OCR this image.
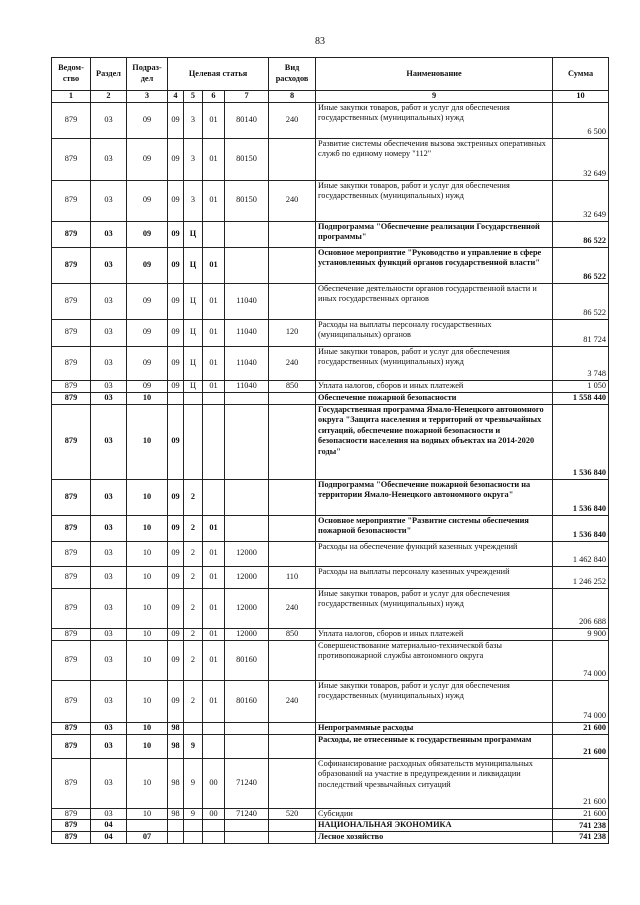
83
Ведом-ство	Раздел	Подраз-дел	Целевая статья				Вид расходов	Наименование	Сумма
1	2	3	4	5	6	7	8	9	10
879	03	09	09	3	01	80140	240	Иные закупки товаров, работ и услуг для обеспечения государственных (муниципальных) нужд	6 500
879	03	09	09	3	01	80150		Развитие системы обеспечения вызова экстренных оперативных служб по единому номеру "112"	32 649
879	03	09	09	3	01	80150	240	Иные закупки товаров, работ и услуг для обеспечения государственных (муниципальных) нужд	32 649
879	03	09	09	Ц				Подпрограмма "Обеспечение реализации Государственной программы"	86 522
879	03	09	09	Ц	01			Основное мероприятие "Руководство и управление в сфере установленных функций органов государственной власти"	86 522
879	03	09	09	Ц	01	11040		Обеспечение деятельности органов государственной власти и иных государственных органов	86 522
879	03	09	09	Ц	01	11040	120	Расходы на выплаты персоналу государственных (муниципальных) органов	81 724
879	03	09	09	Ц	01	11040	240	Иные закупки товаров, работ и услуг для обеспечения государственных (муниципальных) нужд	3 748
879	03	09	09	Ц	01	11040	850	Уплата налогов, сборов и иных платежей	1 050
879	03	10						Обеспечение пожарной безопасности	1 558 440
879	03	10	09					Государственная программа Ямало-Ненецкого автономного округа "Защита населения и территорий от чрезвычайных ситуаций, обеспечение пожарной безопасности и безопасности населения на водных объектах на 2014-2020 годы"	1 536 840
879	03	10	09	2				Подпрограмма "Обеспечение пожарной безопасности на территории Ямало-Ненецкого автономного округа"	1 536 840
879	03	10	09	2	01			Основное мероприятие "Развитие системы обеспечения пожарной безопасности"	1 536 840
879	03	10	09	2	01	12000		Расходы на обеспечение функций казенных учреждений	1 462 840
879	03	10	09	2	01	12000	110	Расходы на выплаты персоналу казенных учреждений	1 246 252
879	03	10	09	2	01	12000	240	Иные закупки товаров, работ и услуг для обеспечения государственных (муниципальных) нужд	206 688
879	03	10	09	2	01	12000	850	Уплата налогов, сборов и иных платежей	9 900
879	03	10	09	2	01	80160		Совершенствование материально-технической базы противопожарной службы автономного округа	74 000
879	03	10	09	2	01	80160	240	Иные закупки товаров, работ и услуг для обеспечения государственных (муниципальных) нужд	74 000
879	03	10	98					Непрограммные расходы	21 600
879	03	10	98	9				Расходы, не отнесенные к государственным программам	21 600
879	03	10	98	9	00	71240		Софинансирование расходных обязательств муниципальных образований на участие в предупреждении и ликвидации последствий чрезвычайных ситуаций	21 600
879	03	10	98	9	00	71240	520	Субсидии	21 600
879	04							НАЦИОНАЛЬНАЯ ЭКОНОМИКА	741 238
879	04	07						Лесное хозяйство	741 238
